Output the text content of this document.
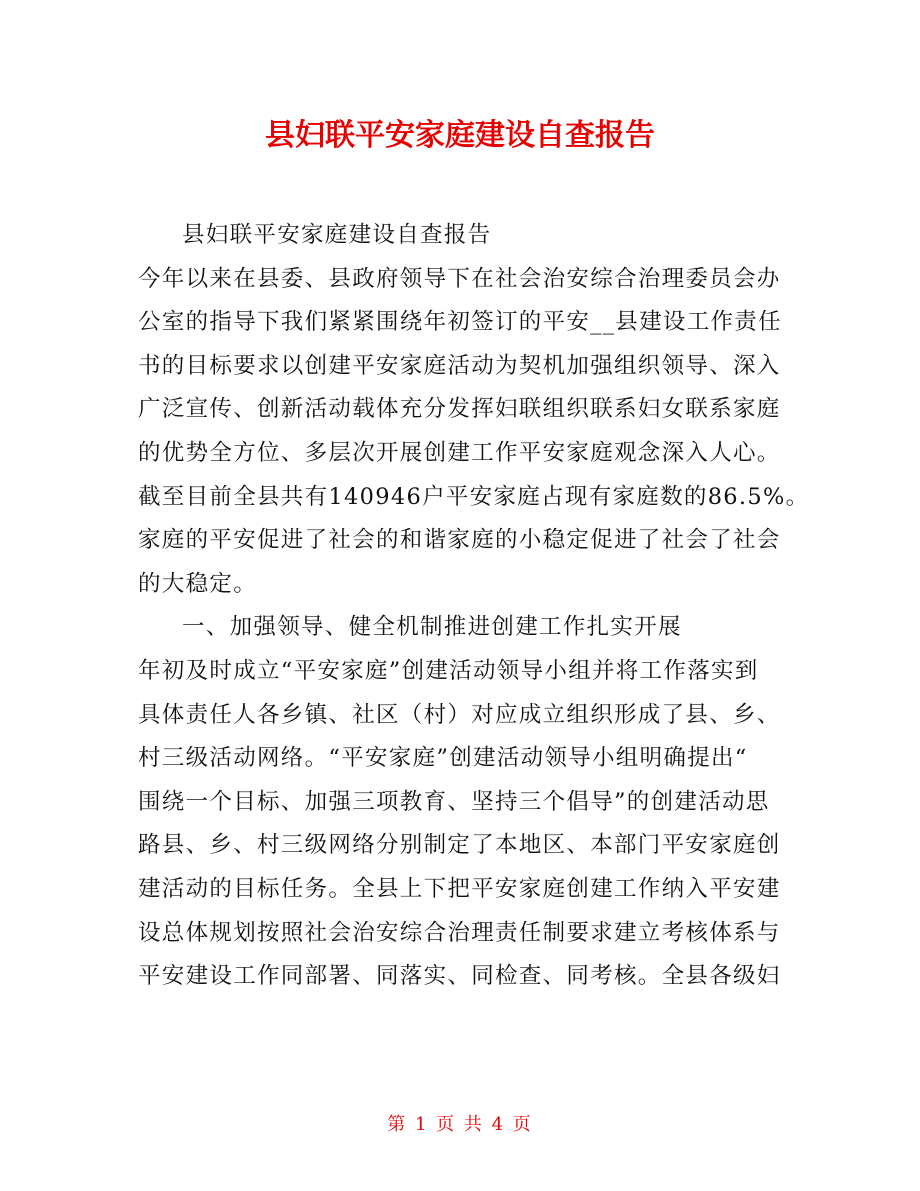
县妇联平安家庭建设自查报告
县妇联平安家庭建设自查报告
今年以来在县委、县政府领导下在社会治安综合治理委员会办
公室的指导下我们紧紧围绕年初签订的平安__县建设工作责任
书的目标要求以创建平安家庭活动为契机加强组织领导、深入
广泛宣传、创新活动载体充分发挥妇联组织联系妇女联系家庭
的优势全方位、多层次开展创建工作平安家庭观念深入人心。
截至目前全县共有140946户平安家庭占现有家庭数的86.5%。
家庭的平安促进了社会的和谐家庭的小稳定促进了社会了社会
的大稳定。
一、加强领导、健全机制推进创建工作扎实开展
年初及时成立“平安家庭”创建活动领导小组并将工作落实到
具体责任人各乡镇、社区（村）对应成立组织形成了县、乡、
村三级活动网络。“平安家庭”创建活动领导小组明确提出“
围绕一个目标、加强三项教育、坚持三个倡导”的创建活动思
路县、乡、村三级网络分别制定了本地区、本部门平安家庭创
建活动的目标任务。全县上下把平安家庭创建工作纳入平安建
设总体规划按照社会治安综合治理责任制要求建立考核体系与
平安建设工作同部署、同落实、同检查、同考核。全县各级妇
第 1 页 共 4 页
